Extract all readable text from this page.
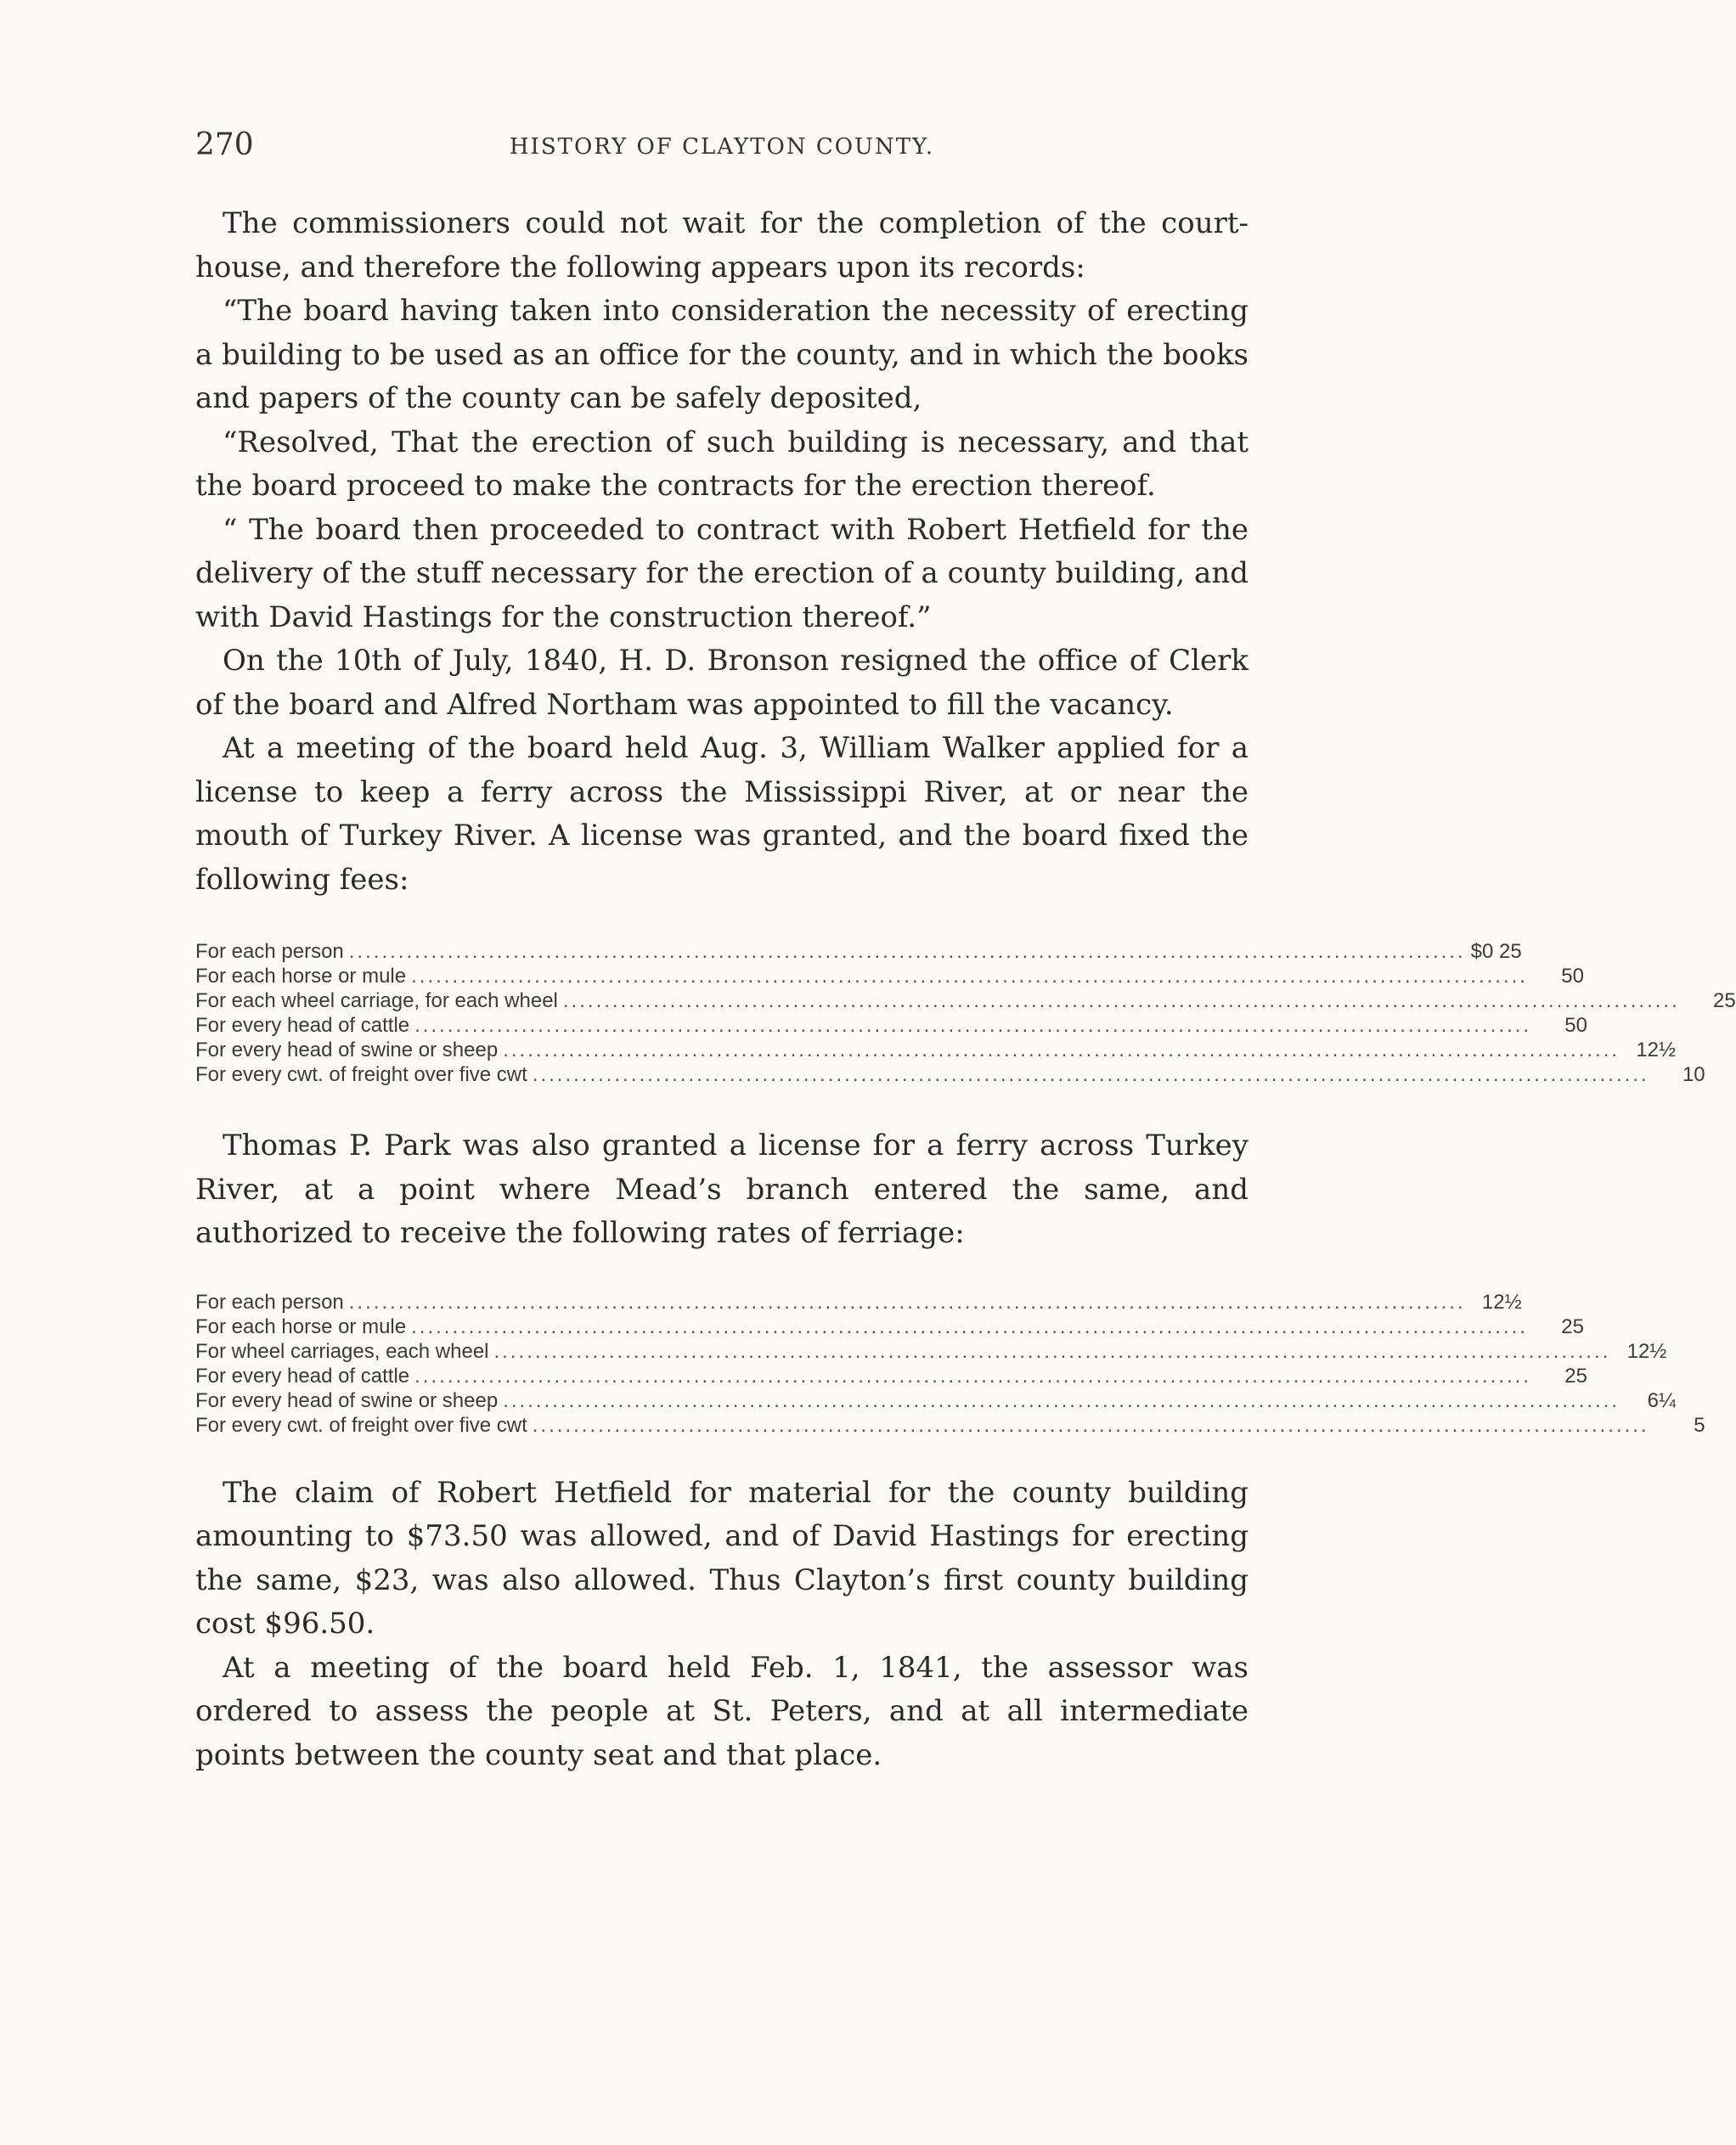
270	HISTORY OF CLAYTON COUNTY.

The commissioners could not wait for the completion of the court-house, and therefore the following appears upon its records:

“The board having taken into consideration the necessity of erecting a building to be used as an office for the county, and in which the books and papers of the county can be safely deposited,

“Resolved, That the erection of such building is necessary, and that the board proceed to make the contracts for the erection thereof.

“ The board then proceeded to contract with Robert Hetfield for the delivery of the stuff necessary for the erection of a county building, and with David Hastings for the construction thereof.”

On the 10th of July, 1840, H. D. Bronson resigned the office of Clerk of the board and Alfred Northam was appointed to fill the vacancy.

At a meeting of the board held Aug. 3, William Walker applied for a license to keep a ferry across the Mississippi River, at or near the mouth of Turkey River. A license was granted, and the board fixed the following fees:

For each person ........................................................................................................................................ $0 25
For each horse or mule ........................................................................................................................................	50
For each wheel carriage, for each wheel ........................................................................................................................................	25
For every head of cattle ........................................................................................................................................	50
For every head of swine or sheep ........................................................................................................................................ 12½
For every cwt. of freight over five cwt ........................................................................................................................................	10

Thomas P. Park was also granted a license for a ferry across Turkey River, at a point where Mead’s branch entered the same, and authorized to receive the following rates of ferriage:

For each person ........................................................................................................................................ 12½
For each horse or mule ........................................................................................................................................	25
For wheel carriages, each wheel ........................................................................................................................................ 12½
For every head of cattle ........................................................................................................................................	25
For every head of swine or sheep ........................................................................................................................................	6¼
For every cwt. of freight over five cwt ........................................................................................................................................	5

The claim of Robert Hetfield for material for the county building amounting to $73.50 was allowed, and of David Hastings for erecting the same, $23, was also allowed. Thus Clayton’s first county building cost $96.50.

At a meeting of the board held Feb. 1, 1841, the assessor was ordered to assess the people at St. Peters, and at all intermediate points between the county seat and that place.
